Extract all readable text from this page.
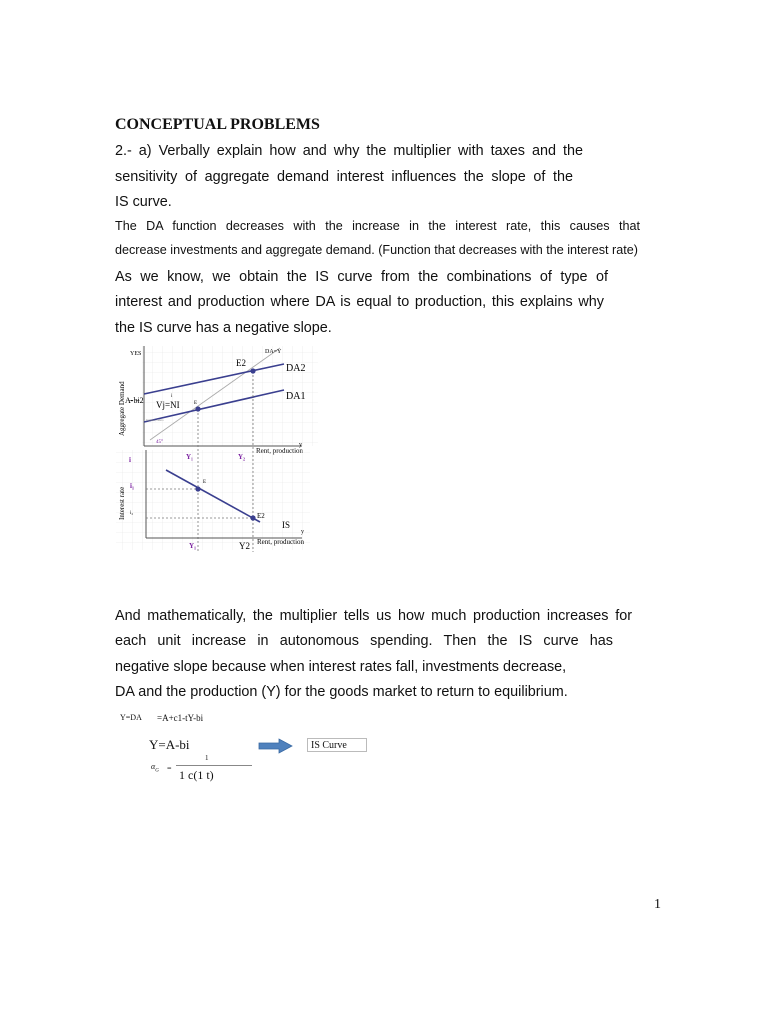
CONCEPTUAL PROBLEMS
2.- a) Verbally explain how and why the multiplier with taxes and the
sensitivity of aggregate demand interest influences the slope of the
IS curve.
The DA function decreases with the increase in the interest rate, this causes that
decrease investments and aggregate demand. (Function that decreases with the interest rate)
As we know, we obtain the IS curve from the combinations of type of
interest and production where DA is equal to production, this explains why
the IS curve has a negative slope.
YES
Aggregate Demand
DA=Y
E2
E
DA2
DA1
A̶-b̶i2 Vj=NI
i
Ingreso, Gasto
45°	y
i
Interest rate
i₁
i₂
E
E2
IS
y
Y₁	Y2 Rent, production
And mathematically, the multiplier tells us how much production increases for
each unit increase in autonomous spending. Then the IS curve has
negative slope because when interest rates fall, investments decrease,
DA and the production (Y) for the goods market to return to equilibrium.
Y=DA =A+c1-tY-bi
Y=A-bi
$\alpha_G$ =
1
1 c(1 t)
IS Curve
1
